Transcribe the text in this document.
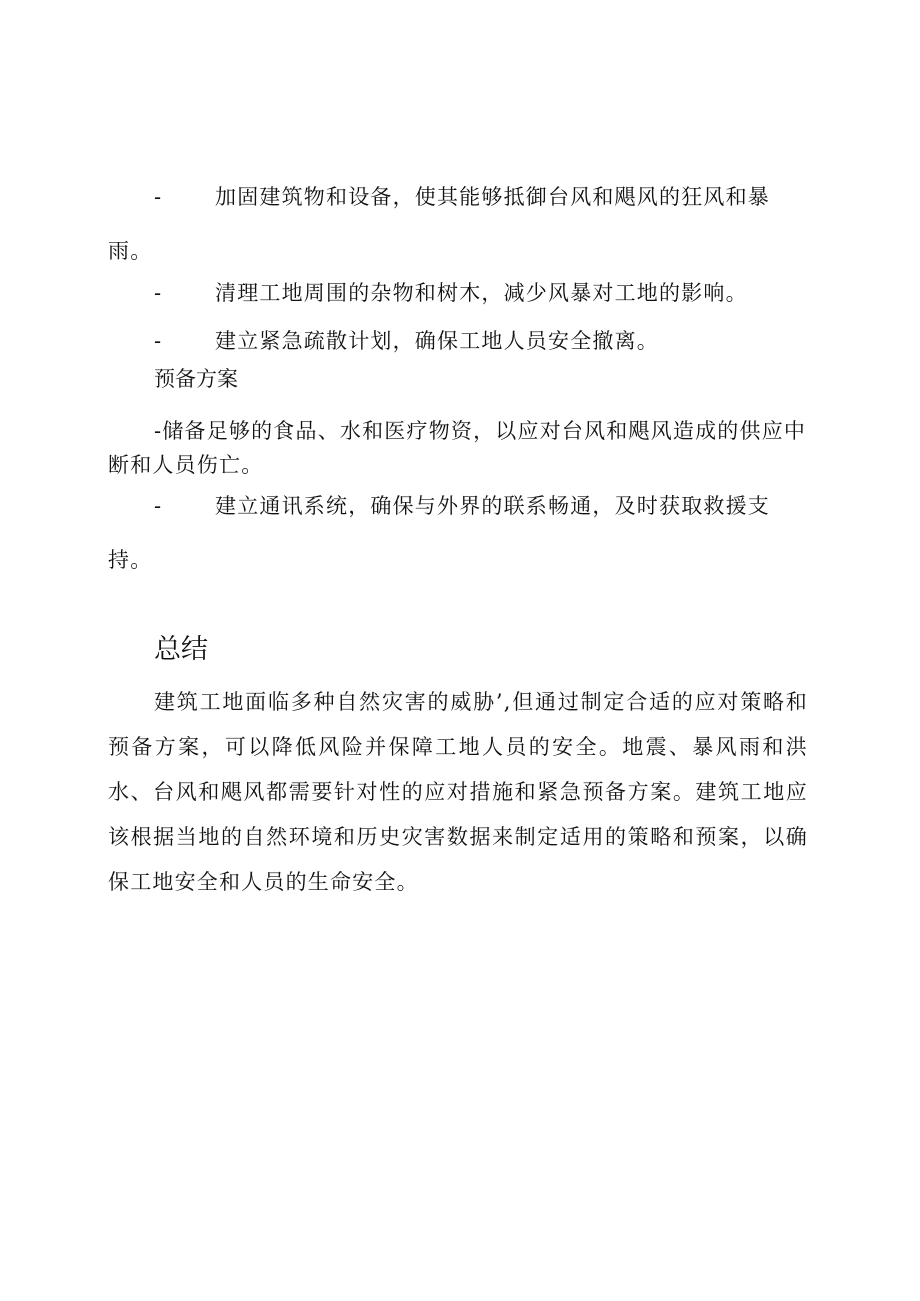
-	加固建筑物和设备，使其能够抵御台风和飓风的狂风和暴雨。
-	清理工地周围的杂物和树木，减少风暴对工地的影响。
-	建立紧急疏散计划，确保工地人员安全撤离。
预备方案
-储备足够的食品、水和医疗物资，以应对台风和飓风造成的供应中断和人员伤亡。
-	建立通讯系统，确保与外界的联系畅通，及时获取救援支持。
总结
建筑工地面临多种自然灾害的威胁’,但通过制定合适的应对策略和预备方案，可以降低风险并保障工地人员的安全。地震、暴风雨和洪水、台风和飓风都需要针对性的应对措施和紧急预备方案。建筑工地应该根据当地的自然环境和历史灾害数据来制定适用的策略和预案，以确保工地安全和人员的生命安全。
